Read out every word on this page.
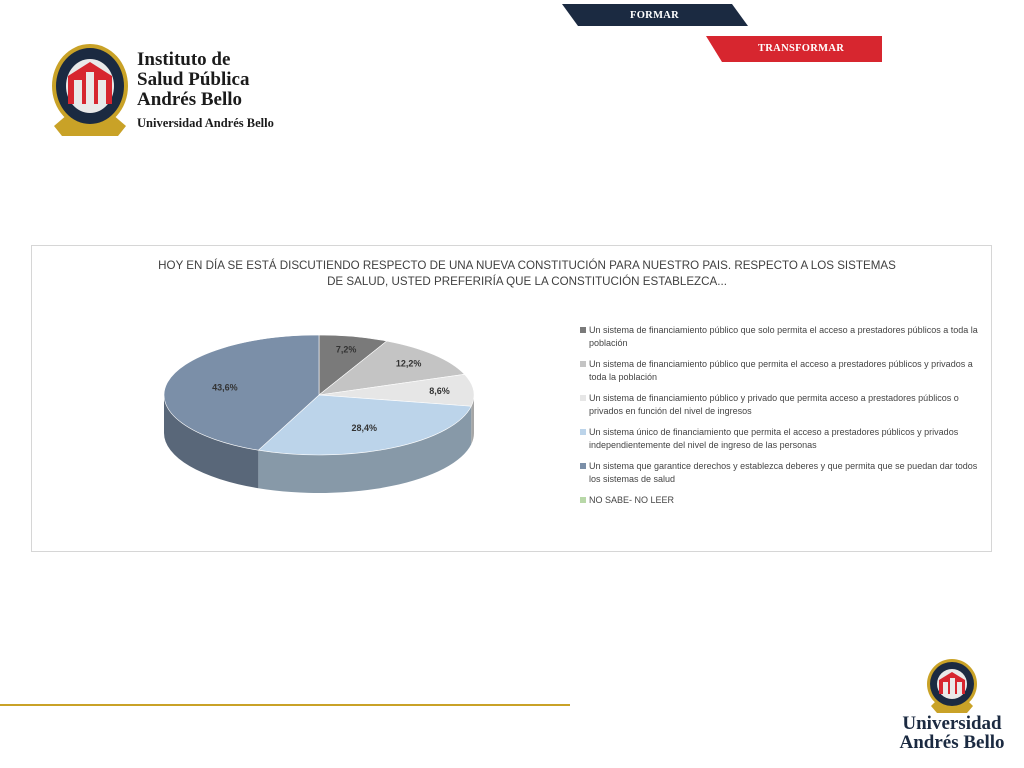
Instituto de
Salud Pública
Andrés Bello
Universidad Andrés Bello
HOY EN DÍA SE ESTÁ DISCUTIENDO RESPECTO DE UNA NUEVA CONSTITUCIÓN PARA NUESTRO PAIS. RESPECTO A LOS SISTEMAS
DE SALUD, USTED PREFERIRÍA QUE LA CONSTITUCIÓN ESTABLEZCA...
7,2%
12,2%
8,6%
28,4%
43,6%
Un sistema de financiamiento público que solo permita el acceso a prestadores públicos a toda la población
Un sistema de financiamiento público que permita el acceso a prestadores públicos y privados a toda la población
Un sistema de financiamiento público y privado que permita acceso a prestadores públicos o privados en función del nivel de ingresos
Un sistema único de financiamiento que permita el acceso a prestadores públicos y privados independientemente del nivel de ingreso de las personas
Un sistema que garantice derechos y establezca deberes y que permita que se puedan dar todos los sistemas de salud
NO SABE- NO LEER
FORMAR
TRANSFORMAR
Universidad
Andrés Bello
